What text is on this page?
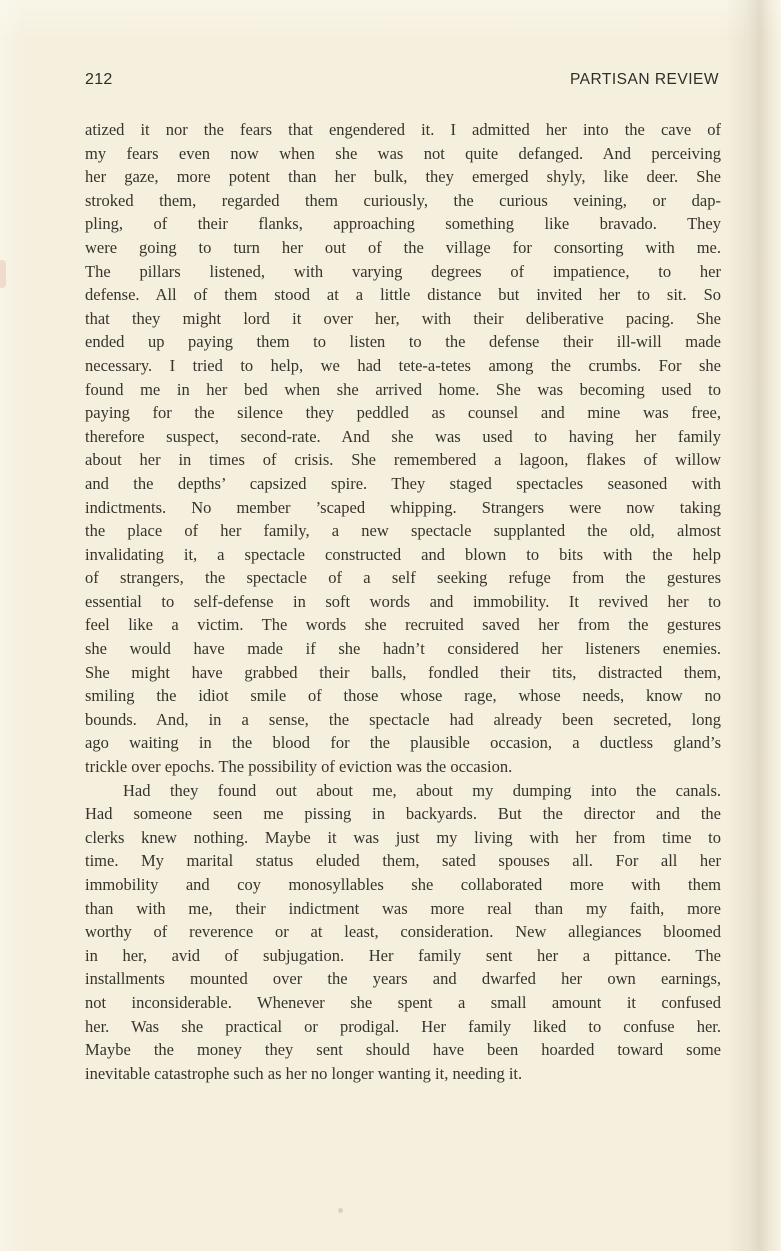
212	PARTISAN REVIEW
atized it nor the fears that engendered it. I admitted her into the cave of
my fears even now when she was not quite defanged. And perceiving
her gaze, more potent than her bulk, they emerged shyly, like deer. She
stroked them, regarded them curiously, the curious veining, or dap-
pling, of their flanks, approaching something like bravado. They
were going to turn her out of the village for consorting with me.
The pillars listened, with varying degrees of impatience, to her
defense. All of them stood at a little distance but invited her to sit. So
that they might lord it over her, with their deliberative pacing. She
ended up paying them to listen to the defense their ill-will made
necessary. I tried to help, we had tete-a-tetes among the crumbs. For she
found me in her bed when she arrived home. She was becoming used to
paying for the silence they peddled as counsel and mine was free,
therefore suspect, second-rate. And she was used to having her family
about her in times of crisis. She remembered a lagoon, flakes of willow
and the depths’ capsized spire. They staged spectacles seasoned with
indictments. No member ’scaped whipping. Strangers were now taking
the place of her family, a new spectacle supplanted the old, almost
invalidating it, a spectacle constructed and blown to bits with the help
of strangers, the spectacle of a self seeking refuge from the gestures
essential to self-defense in soft words and immobility. It revived her to
feel like a victim. The words she recruited saved her from the gestures
she would have made if she hadn’t considered her listeners enemies.
She might have grabbed their balls, fondled their tits, distracted them,
smiling the idiot smile of those whose rage, whose needs, know no
bounds. And, in a sense, the spectacle had already been secreted, long
ago waiting in the blood for the plausible occasion, a ductless gland’s
trickle over epochs. The possibility of eviction was the occasion.
Had they found out about me, about my dumping into the canals.
Had someone seen me pissing in backyards. But the director and the
clerks knew nothing. Maybe it was just my living with her from time to
time. My marital status eluded them, sated spouses all. For all her
immobility and coy monosyllables she collaborated more with them
than with me, their indictment was more real than my faith, more
worthy of reverence or at least, consideration. New allegiances bloomed
in her, avid of subjugation. Her family sent her a pittance. The
installments mounted over the years and dwarfed her own earnings,
not inconsiderable. Whenever she spent a small amount it confused
her. Was she practical or prodigal. Her family liked to confuse her.
Maybe the money they sent should have been hoarded toward some
inevitable catastrophe such as her no longer wanting it, needing it.
